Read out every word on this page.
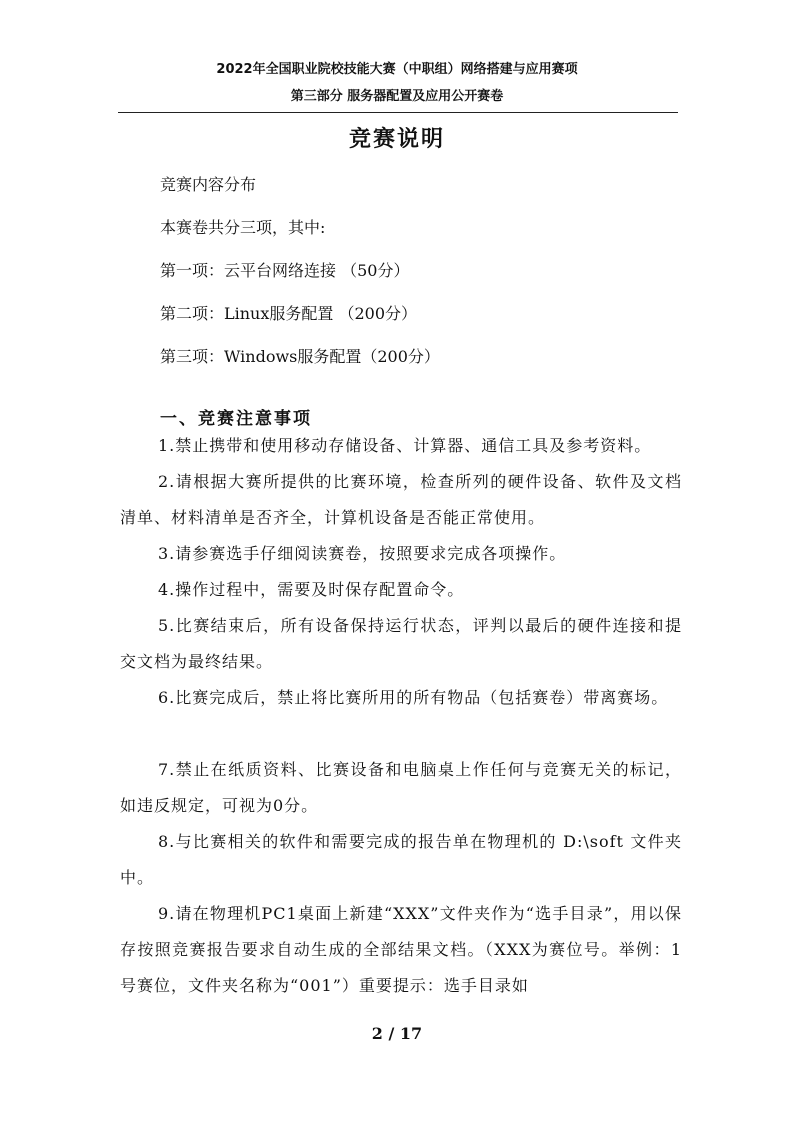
2022年全国职业院校技能大赛（中职组）网络搭建与应用赛项
第三部分 服务器配置及应用公开赛卷
竞赛说明
竞赛内容分布
本赛卷共分三项，其中:
第一项：云平台网络连接 （50分）
第二项：Linux服务配置 （200分）
第三项：Windows服务配置（200分）
一、竞赛注意事项

1.禁止携带和使用移动存储设备、计算器、通信工具及参考资料。

2.请根据大赛所提供的比赛环境，检查所列的硬件设备、软件及文档清单、材料清单是否齐全，计算机设备是否能正常使用。

3.请参赛选手仔细阅读赛卷，按照要求完成各项操作。

4.操作过程中，需要及时保存配置命令。

5.比赛结束后，所有设备保持运行状态，评判以最后的硬件连接和提交文档为最终结果。

6.比赛完成后，禁止将比赛所用的所有物品（包括赛卷）带离赛场。

7.禁止在纸质资料、比赛设备和电脑桌上作任何与竞赛无关的标记，如违反规定，可视为0分。

8.与比赛相关的软件和需要完成的报告单在物理机的 D:\soft 文件夹中。

9.请在物理机PC1桌面上新建“XXX”文件夹作为“选手目录”，用以保存按照竞赛报告要求自动生成的全部结果文档。（XXX为赛位号。举例：1号赛位，文件夹名称为“001”）重要提示：选手目录如

2 / 17
